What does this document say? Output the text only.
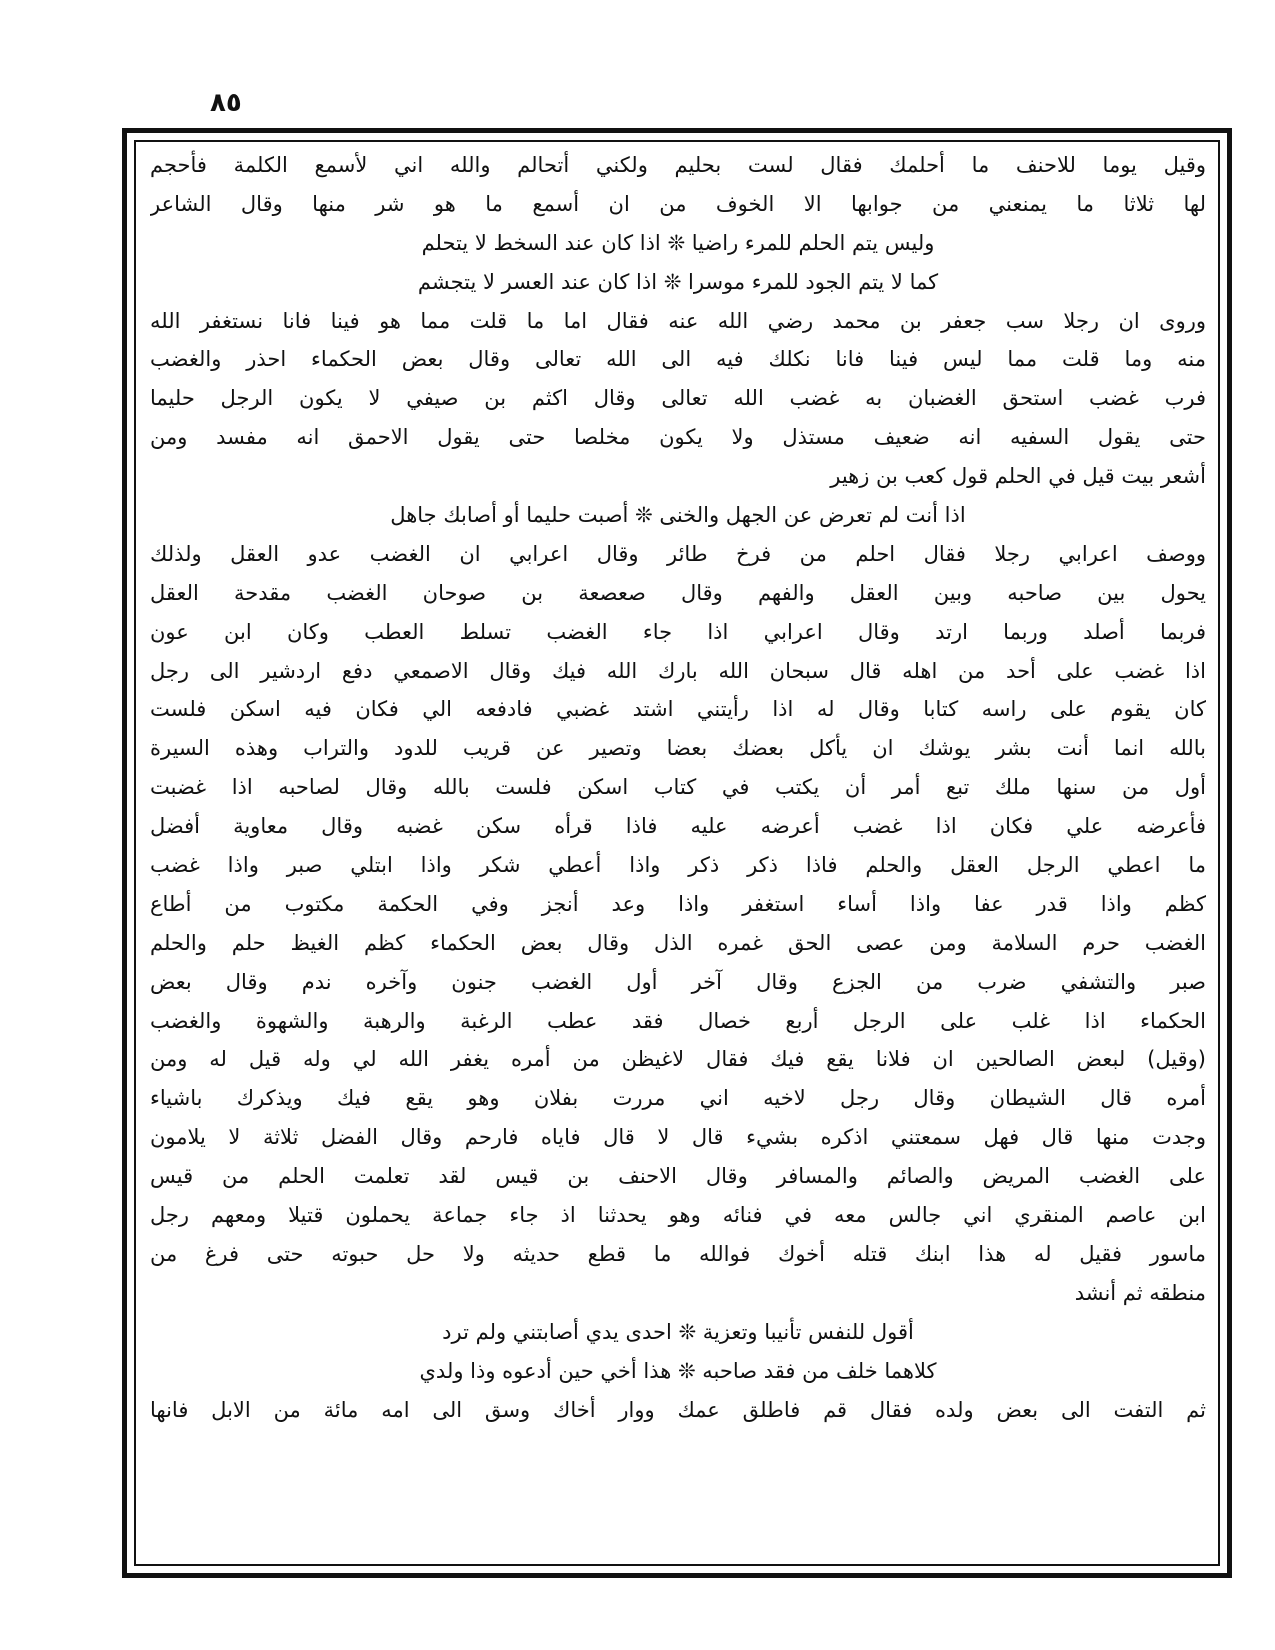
٨٥
وقيل يوما للاحنف ما أحلمك فقال لست بحليم ولكني أتحالم والله اني لأسمع الكلمة فأحجم
لها ثلاثا ما يمنعني من جوابها الا الخوف من ان أسمع ما هو شر منها وقال الشاعر
وليس يتم الحلم للمرء راضيا ❊ اذا كان عند السخط لا يتحلم
كما لا يتم الجود للمرء موسرا ❊ اذا كان عند العسر لا يتجشم
وروى ان رجلا سب جعفر بن محمد رضي الله عنه فقال اما ما قلت مما هو فينا فانا نستغفر الله
منه وما قلت مما ليس فينا فانا نكلك فيه الى الله تعالى وقال بعض الحكماء احذر والغضب
فرب غضب استحق الغضبان به غضب الله تعالى وقال اكثم بن صيفي لا يكون الرجل حليما
حتى يقول السفيه انه ضعيف مستذل ولا يكون مخلصا حتى يقول الاحمق انه مفسد ومن
أشعر بيت قيل في الحلم قول كعب بن زهير
اذا أنت لم تعرض عن الجهل والخنى ❊ أصبت حليما أو أصابك جاهل
ووصف اعرابي رجلا فقال احلم من فرخ طائر وقال اعرابي ان الغضب عدو العقل ولذلك
يحول بين صاحبه وبين العقل والفهم وقال صعصعة بن صوحان الغضب مقدحة العقل
فربما أصلد وربما ارتد وقال اعرابي اذا جاء الغضب تسلط العطب وكان ابن عون
اذا غضب على أحد من اهله قال سبحان الله بارك الله فيك وقال الاصمعي دفع اردشير الى رجل
كان يقوم على راسه كتابا وقال له اذا رأيتني اشتد غضبي فادفعه الي فكان فيه اسكن فلست
بالله انما أنت بشر يوشك ان يأكل بعضك بعضا وتصير عن قريب للدود والتراب وهذه السيرة
أول من سنها ملك تبع أمر أن يكتب في كتاب اسكن فلست بالله وقال لصاحبه اذا غضبت
فأعرضه علي فكان اذا غضب أعرضه عليه فاذا قرأه سكن غضبه وقال معاوية أفضل
ما اعطي الرجل العقل والحلم فاذا ذكر ذكر واذا أعطي شكر واذا ابتلي صبر واذا غضب
كظم واذا قدر عفا واذا أساء استغفر واذا وعد أنجز وفي الحكمة مكتوب من أطاع
الغضب حرم السلامة ومن عصى الحق غمره الذل وقال بعض الحكماء كظم الغيظ حلم والحلم
صبر والتشفي ضرب من الجزع وقال آخر أول الغضب جنون وآخره ندم وقال بعض
الحكماء اذا غلب على الرجل أربع خصال فقد عطب الرغبة والرهبة والشهوة والغضب
(وقيل) لبعض الصالحين ان فلانا يقع فيك فقال لاغيظن من أمره يغفر الله لي وله قيل له ومن
أمره قال الشيطان وقال رجل لاخيه اني مررت بفلان وهو يقع فيك ويذكرك باشياء
وجدت منها قال فهل سمعتني اذكره بشيء قال لا قال فاياه فارحم وقال الفضل ثلاثة لا يلامون
على الغضب المريض والصائم والمسافر وقال الاحنف بن قيس لقد تعلمت الحلم من قيس
ابن عاصم المنقري اني جالس معه في فنائه وهو يحدثنا اذ جاء جماعة يحملون قتيلا ومعهم رجل
ماسور فقيل له هذا ابنك قتله أخوك فوالله ما قطع حديثه ولا حل حبوته حتى فرغ من
منطقه ثم أنشد
أقول للنفس تأنيبا وتعزية ❊ احدى يدي أصابتني ولم ترد
كلاهما خلف من فقد صاحبه ❊ هذا أخي حين أدعوه وذا ولدي
ثم التفت الى بعض ولده فقال قم فاطلق عمك ووار أخاك وسق الى امه مائة من الابل فانها
